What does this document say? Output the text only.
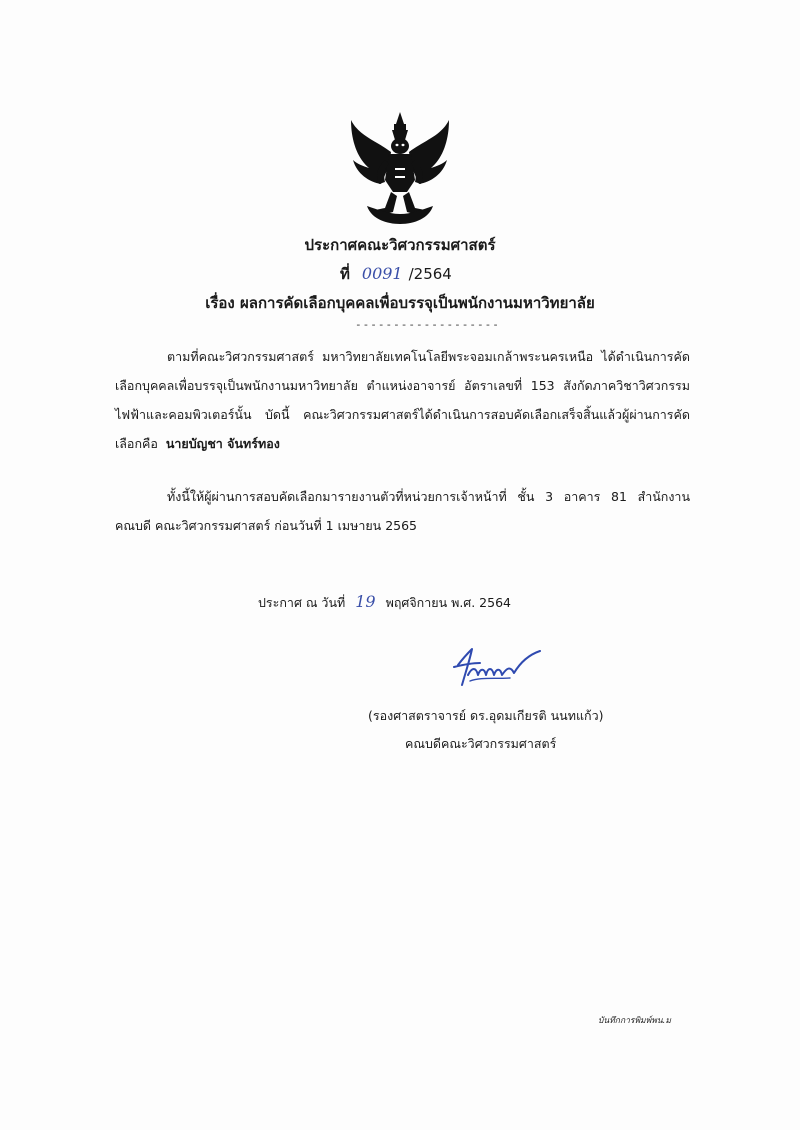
ประกาศคณะวิศวกรรมศาสตร์
ที่ 0091 /2564
เรื่อง ผลการคัดเลือกบุคคลเพื่อบรรจุเป็นพนักงานมหาวิทยาลัย
-------------------
ตามที่คณะวิศวกรรมศาสตร์ มหาวิทยาลัยเทคโนโลยีพระจอมเกล้าพระนครเหนือ ได้ดำเนินการคัดเลือกบุคคลเพื่อบรรจุเป็นพนักงานมหาวิทยาลัย ตำแหน่งอาจารย์ อัตราเลขที่ 153 สังกัดภาควิชาวิศวกรรมไฟฟ้าและคอมพิวเตอร์นั้น บัดนี้ คณะวิศวกรรมศาสตร์ได้ดำเนินการสอบคัดเลือกเสร็จสิ้นแล้วผู้ผ่านการคัดเลือกคือ นายบัญชา จันทร์ทอง
ทั้งนี้ให้ผู้ผ่านการสอบคัดเลือกมารายงานตัวที่หน่วยการเจ้าหน้าที่ ชั้น 3 อาคาร 81 สำนักงานคณบดี คณะวิศวกรรมศาสตร์ ก่อนวันที่ 1 เมษายน 2565
ประกาศ ณ วันที่ 19 พฤศจิกายน พ.ศ. 2564
(รองศาสตราจารย์ ดร.อุดมเกียรติ นนทแก้ว)
คณบดีคณะวิศวกรรมศาสตร์
บันทึกการพิมพ์พน.ม
